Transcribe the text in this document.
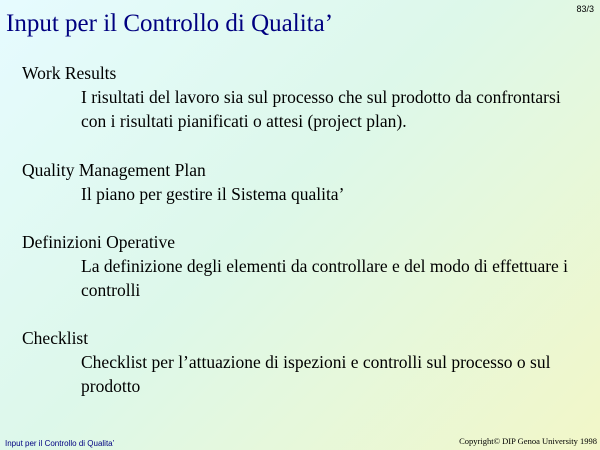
83/3
Input per il Controllo di Qualita’

Work Results

I risultati del lavoro sia sul processo che sul prodotto da confrontarsi con i risultati pianificati o attesi (project plan).

Quality Management Plan

Il piano per gestire il Sistema qualita’

Definizioni Operative

La definizione degli elementi da controllare e del modo di effettuare i controlli

Checklist

Checklist per l’attuazione di ispezioni e controlli sul processo o sul prodotto

Input per il Controllo di Qualita’	Copyright© DIP Genoa University 1998
